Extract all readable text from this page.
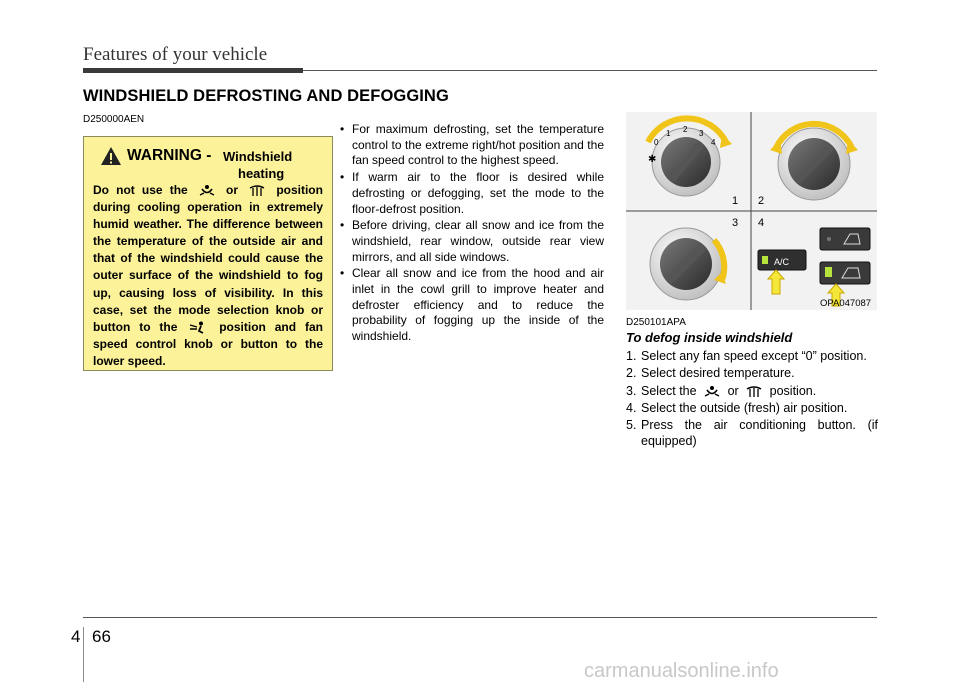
Features of your vehicle
WINDSHIELD DEFROSTING AND DEFOGGING
D250000AEN
WARNING - Windshield
heating
Do not use the	or	position during cooling operation in extremely humid weather. The difference between the temperature of the outside air and that of the windshield could cause the outer surface of the windshield to fog up, causing loss of visibility. In this case, set the mode selection knob or button to the	position and fan speed control knob or button to the lower speed.
• For maximum defrosting, set the temperature control to the extreme right/hot position and the fan speed control to the highest speed.
• If warm air to the floor is desired while defrosting or defogging, set the mode to the floor-defrost position.
• Before driving, clear all snow and ice from the windshield, rear window, outside rear view mirrors, and all side windows.
• Clear all snow and ice from the hood and air inlet in the cowl grill to improve heater and defroster efficiency and to reduce the probability of fogging up the inside of the windshield.
0
1 2 3
4
✱
1 2
3 4
A/C
OPA047087
D250101APA
To defog inside windshield
1. Select any fan speed except “0” position.
2. Select desired temperature.
3. Select the or position.
4. Select the outside (fresh) air position.
5. Press the air conditioning button. (if equipped)
4 66
carmanualsonline.info
